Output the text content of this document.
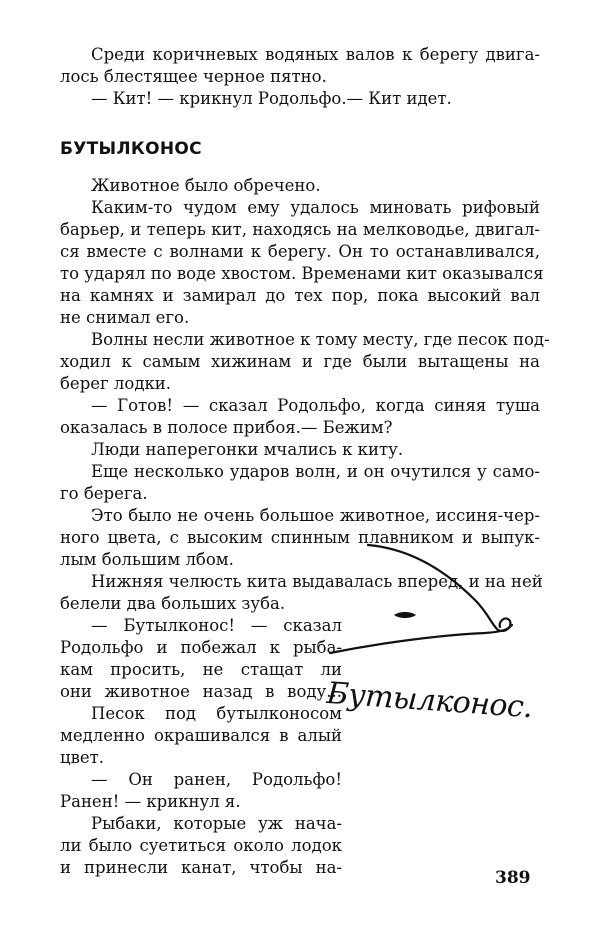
Среди коричневых водяных валов к берегу двига-
лось блестящее черное пятно.
— Кит! — крикнул Родольфо.— Кит идет.
БУТЫЛКОНОС
Животное было обречено.
Каким-то чудом ему удалось миновать рифовый
барьер, и теперь кит, находясь на мелководье, двигал-
ся вместе с волнами к берегу. Он то останавливался,
то ударял по воде хвостом. Временами кит оказывался
на камнях и замирал до тех пор, пока высокий вал
не снимал его.
Волны несли животное к тому месту, где песок под-
ходил к самым хижинам и где были вытащены на
берег лодки.
— Готов! — сказал Родольфо, когда синяя туша
оказалась в полосе прибоя.— Бежим?
Люди наперегонки мчались к киту.
Еще несколько ударов волн, и он очутился у само-
го берега.
Это было не очень большое животное, иссиня-чер-
ного цвета, с высоким спинным плавником и выпук-
лым большим лбом.
Нижняя челюсть кита выдавалась вперед, и на ней
белели два больших зуба.
— Бутылконос! — сказал
Родольфо и побежал к рыба-
кам просить, не стащат ли
они животное назад в воду...
Песок под бутылконосом
медленно окрашивался в алый
цвет.
— Он ранен, Родольфо!
Ранен! — крикнул я.
Рыбаки, которые уж нача-
ли было суетиться около лодок
и принесли канат, чтобы на-
389
Бутылконос.
